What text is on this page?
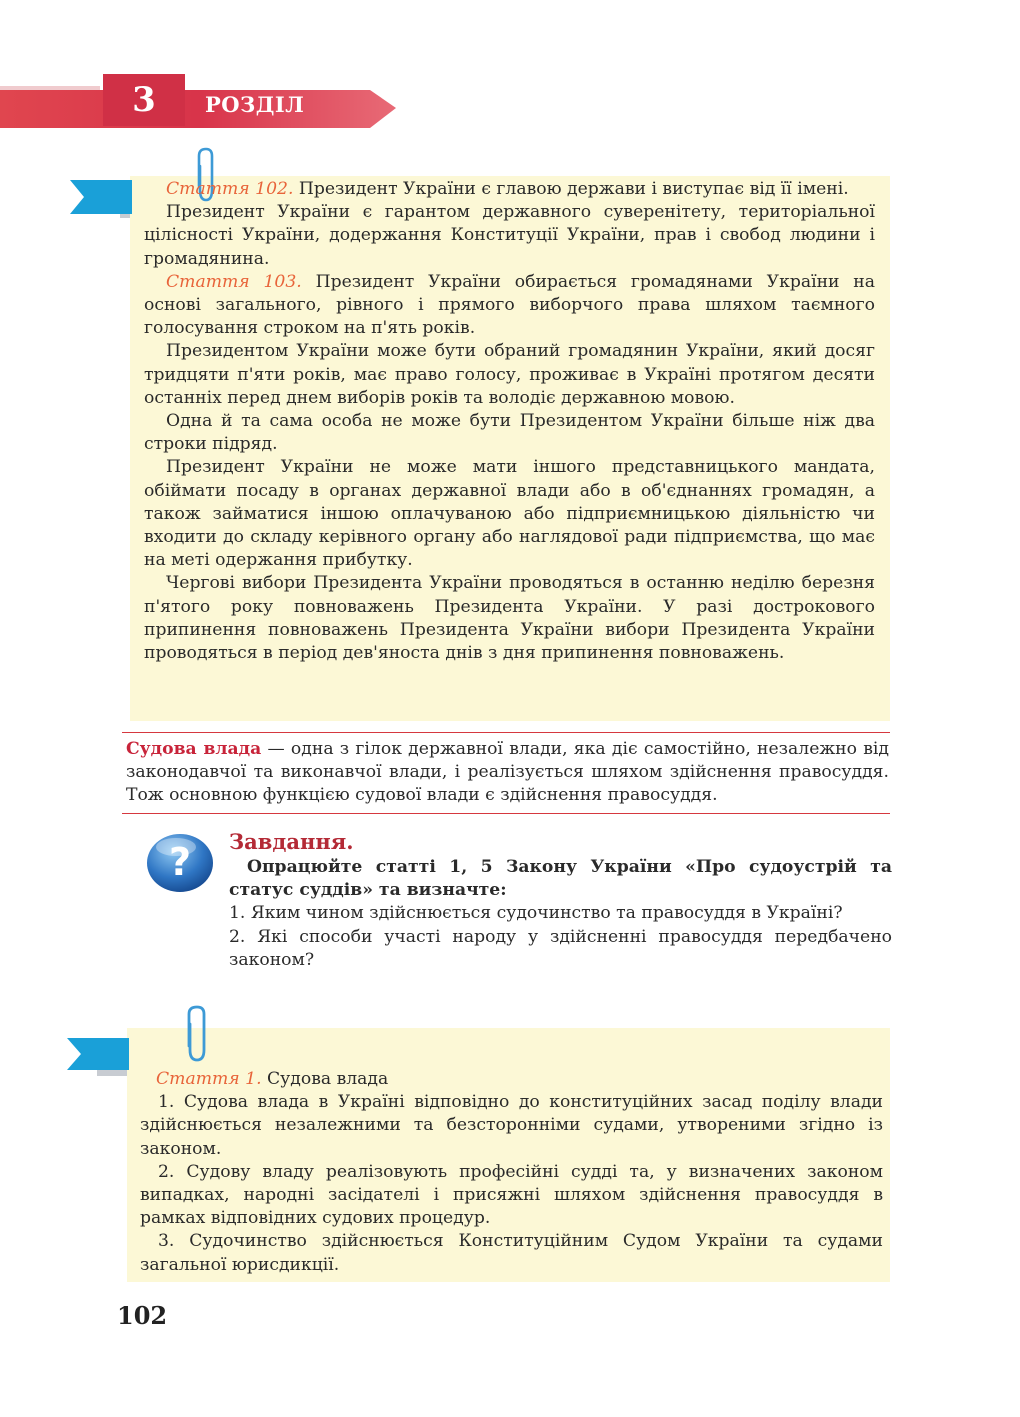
3	РОЗДІЛ

Стаття 102. Президент України є главою держави і виступає від її імені.

Президент України є гарантом державного суверенітету, територіальної цілісності України, додержання Конституції України, прав і свобод людини і громадянина.

Стаття 103. Президент України обирається громадянами України на основі загального, рівного і прямого виборчого права шляхом таємного голосування строком на п'ять років.

Президентом України може бути обраний громадянин України, який досяг тридцяти п'яти років, має право голосу, проживає в Україні протягом десяти останніх перед днем виборів років та володіє державною мовою.

Одна й та сама особа не може бути Президентом України більше ніж два строки підряд.

Президент України не може мати іншого представницького мандата, обіймати посаду в органах державної влади або в об'єднаннях громадян, а також займатися іншою оплачуваною або підприємницькою діяльністю чи входити до складу керівного органу або наглядової ради підприємства, що має на меті одержання прибутку.

Чергові вибори Президента України проводяться в останню неділю березня п'ятого року повноважень Президента України. У разі дострокового припинення повноважень Президента України вибори Президента України проводяться в період дев'яноста днів з дня припинення повноважень.

Судова влада — одна з гілок державної влади, яка діє самостійно, незалежно від законодавчої та виконавчої влади, і реалізується шляхом здійснення правосуддя. Тож основною функцією судової влади є здійснення правосуддя.
? Завдання.

Опрацюйте статті 1, 5 Закону України «Про судоустрій та статус суддів» та визначте:

1. Яким чином здійснюється судочинство та правосуддя в Україні?

2. Які способи участі народу у здійсненні правосуддя передбачено законом?

Стаття 1. Судова влада

1. Судова влада в Україні відповідно до конституційних засад поділу влади здійснюється незалежними та безсторонніми судами, утвореними згідно із законом.

2. Судову владу реалізовують професійні судді та, у визначених законом випадках, народні засідателі і присяжні шляхом здійснення правосуддя в рамках відповідних судових процедур.

3. Судочинство здійснюється Конституційним Судом України та судами загальної юрисдикції.

102
